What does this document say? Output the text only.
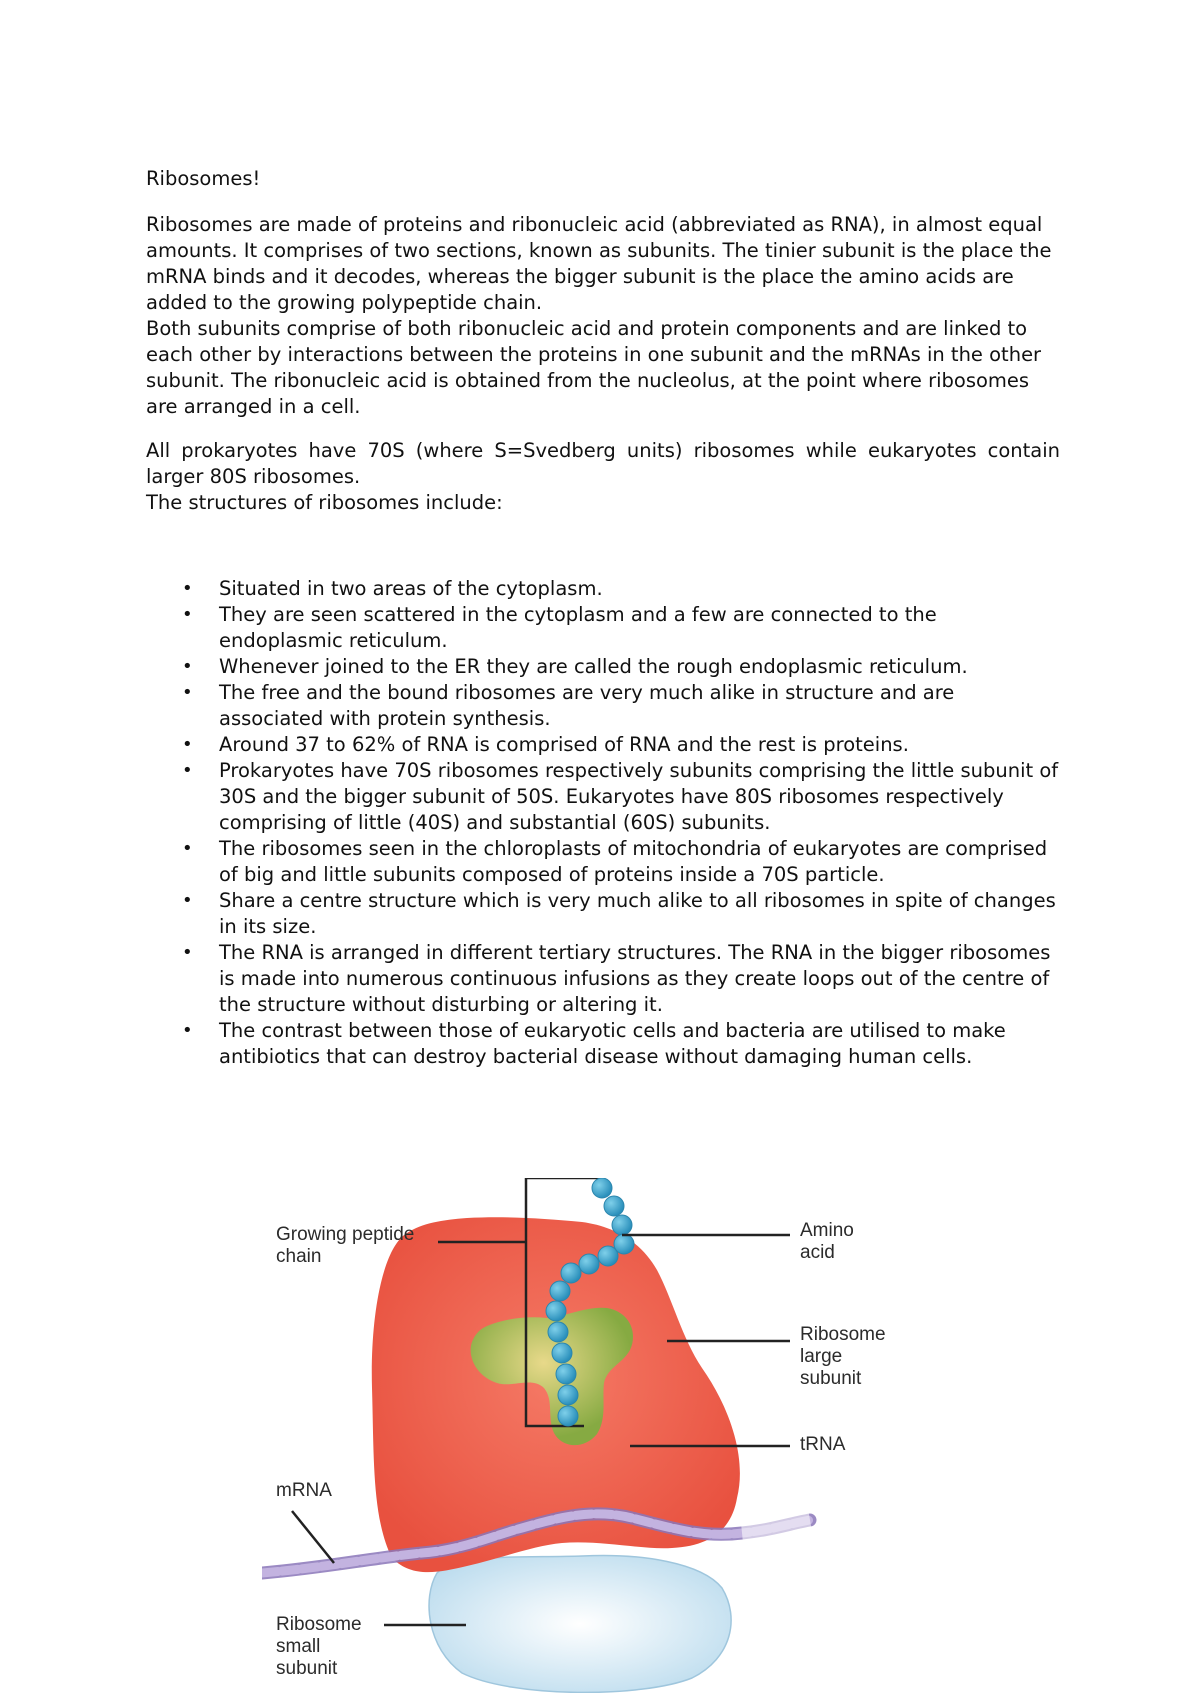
Ribosomes!

Ribosomes are made of proteins and ribonucleic acid (abbreviated as RNA), in almost equal amounts. It comprises of two sections, known as subunits. The tinier subunit is the place the mRNA binds and it decodes, whereas the bigger subunit is the place the amino acids are added to the growing polypeptide chain.

Both subunits comprise of both ribonucleic acid and protein components and are linked to each other by interactions between the proteins in one subunit and the mRNAs in the other subunit. The ribonucleic acid is obtained from the nucleolus, at the point where ribosomes are arranged in a cell.

All prokaryotes have 70S (where S=Svedberg units) ribosomes while eukaryotes contain larger 80S ribosomes.

The structures of ribosomes include:

• Situated in two areas of the cytoplasm.
• They are seen scattered in the cytoplasm and a few are connected to the endoplasmic reticulum.
• Whenever joined to the ER they are called the rough endoplasmic reticulum.
• The free and the bound ribosomes are very much alike in structure and are associated with protein synthesis.
• Around 37 to 62% of RNA is comprised of RNA and the rest is proteins.
• Prokaryotes have 70S ribosomes respectively subunits comprising the little subunit of 30S and the bigger subunit of 50S. Eukaryotes have 80S ribosomes respectively comprising of little (40S) and substantial (60S) subunits.
• The ribosomes seen in the chloroplasts of mitochondria of eukaryotes are comprised of big and little subunits composed of proteins inside a 70S particle.
• Share a centre structure which is very much alike to all ribosomes in spite of changes in its size.
• The RNA is arranged in different tertiary structures. The RNA in the bigger ribosomes is made into numerous continuous infusions as they create loops out of the centre of the structure without disturbing or altering it.
• The contrast between those of eukaryotic cells and bacteria are utilised to make antibiotics that can destroy bacterial disease without damaging human cells.
Growing peptide
chain
Amino
acid
Ribosome
large
subunit
tRNA
mRNA
Ribosome
small
subunit
